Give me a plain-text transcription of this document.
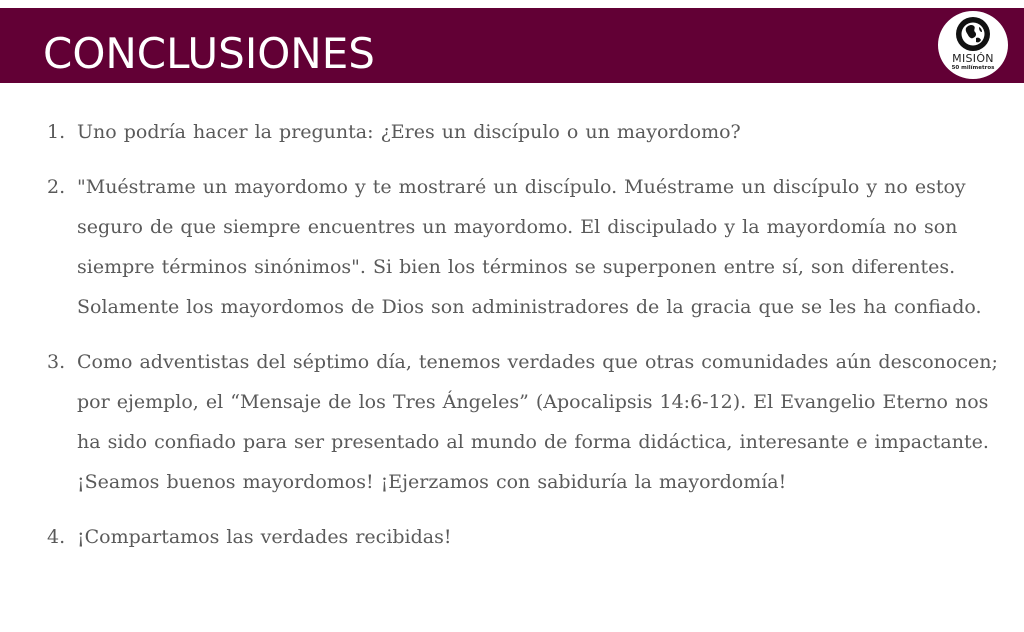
CONCLUSIONES	MISIÓN
50 milímetros
1. Uno podría hacer la pregunta: ¿Eres un discípulo o un mayordomo?
2. "Muéstrame un mayordomo y te mostraré un discípulo. Muéstrame un discípulo y no estoy seguro de que siempre encuentres un mayordomo. El discipulado y la mayordomía no son siempre términos sinónimos". Si bien los términos se superponen entre sí, son diferentes. Solamente los mayordomos de Dios son administradores de la gracia que se les ha confiado.
3. Como adventistas del séptimo día, tenemos verdades que otras comunidades aún desconocen; por ejemplo, el “Mensaje de los Tres Ángeles” (Apocalipsis 14:6-12). El Evangelio Eterno nos ha sido confiado para ser presentado al mundo de forma didáctica, interesante e impactante. ¡Seamos buenos mayordomos! ¡Ejerzamos con sabiduría la mayordomía!
4. ¡Compartamos las verdades recibidas!
